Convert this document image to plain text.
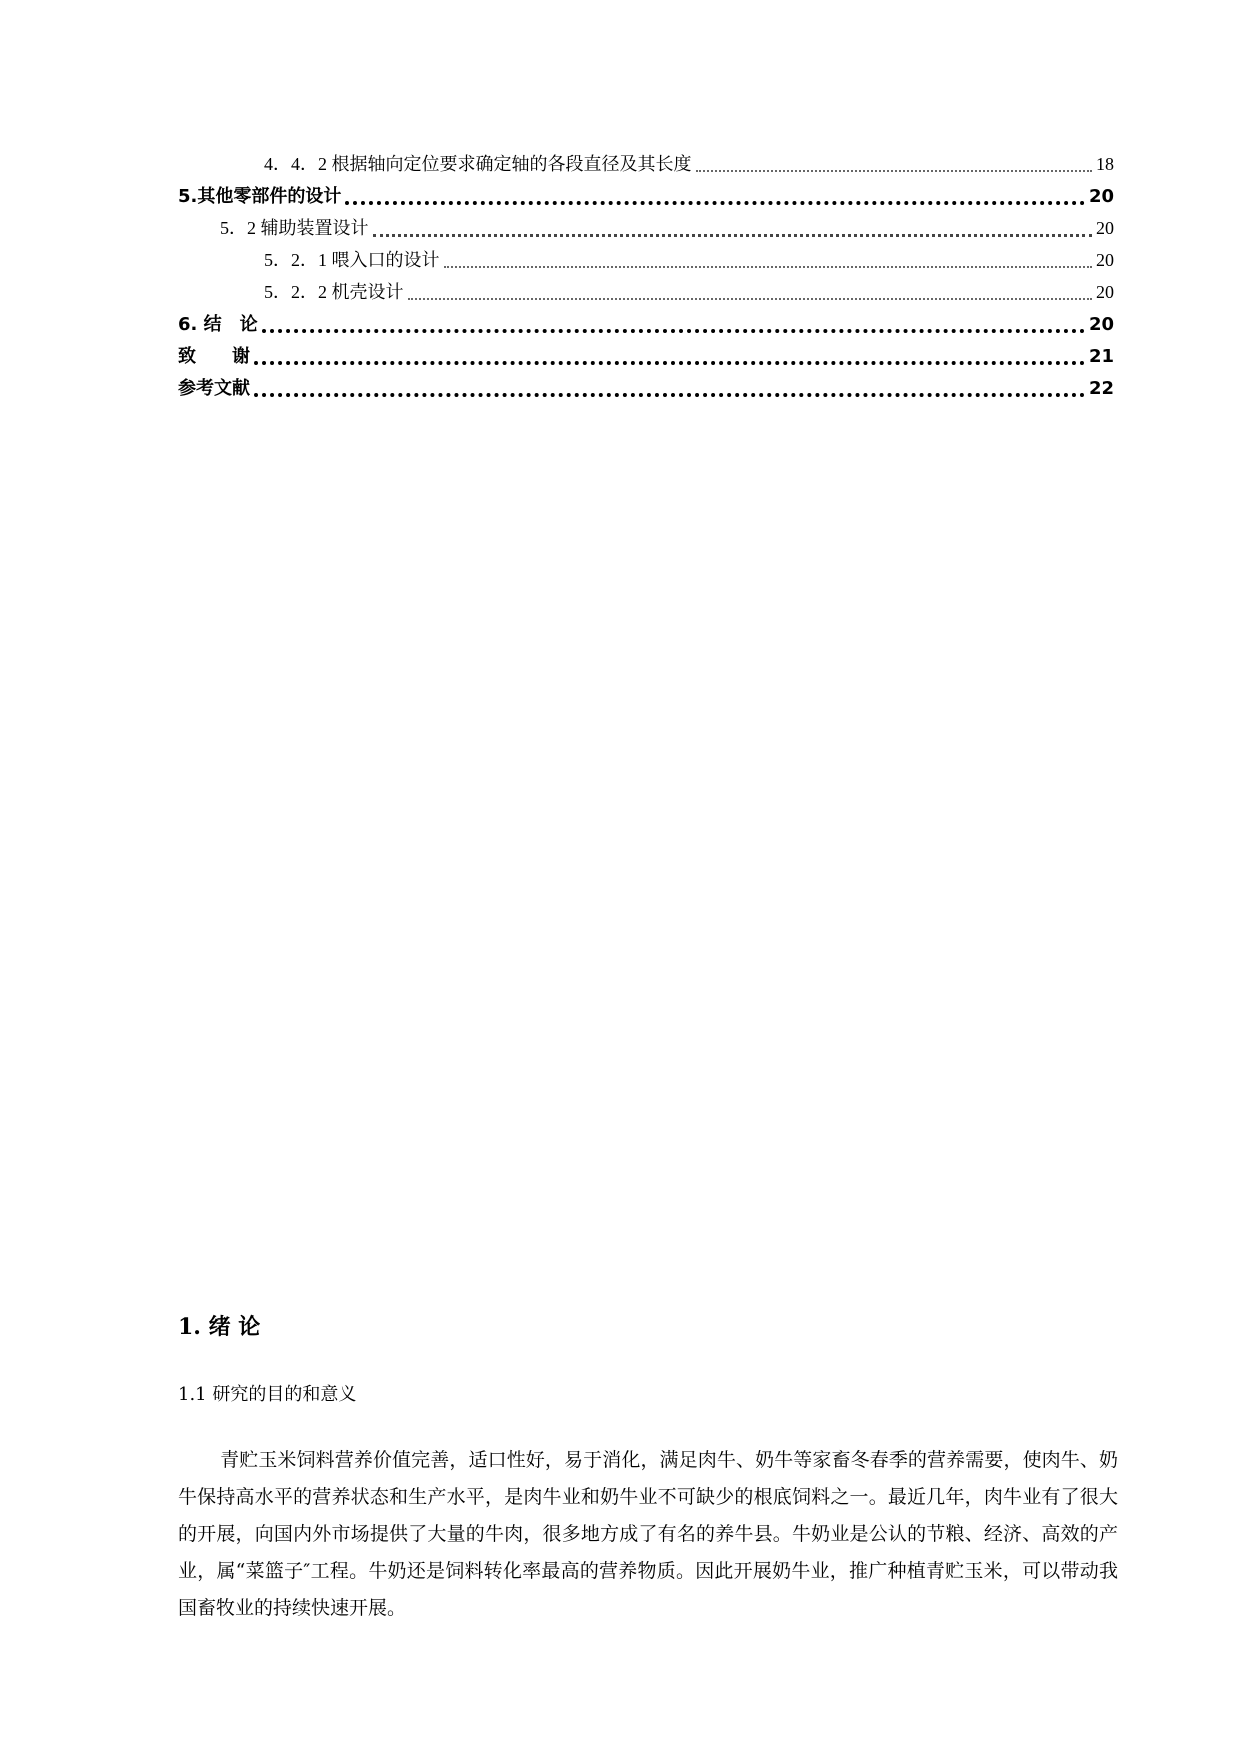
4．4．2 根据轴向定位要求确定轴的各段直径及其长度	18
5.其他零部件的设计	20
5．2 辅助装置设计	20
5．2．1 喂入口的设计	20
5．2．2 机壳设计	20
6. 结　论	20
致　　谢	21
参考文献	22
1. 绪 论
1.1 研究的目的和意义

青贮玉米饲料营养价值完善，适口性好，易于消化，满足肉牛、奶牛等家畜冬春季的营养需要，使肉牛、奶牛保持高水平的营养状态和生产水平，是肉牛业和奶牛业不可缺少的根底饲料之一。最近几年，肉牛业有了很大的开展，向国内外市场提供了大量的牛肉，很多地方成了有名的养牛县。牛奶业是公认的节粮、经济、高效的产业，属“菜篮子″工程。牛奶还是饲料转化率最高的营养物质。因此开展奶牛业，推广种植青贮玉米，可以带动我国畜牧业的持续快速开展。
